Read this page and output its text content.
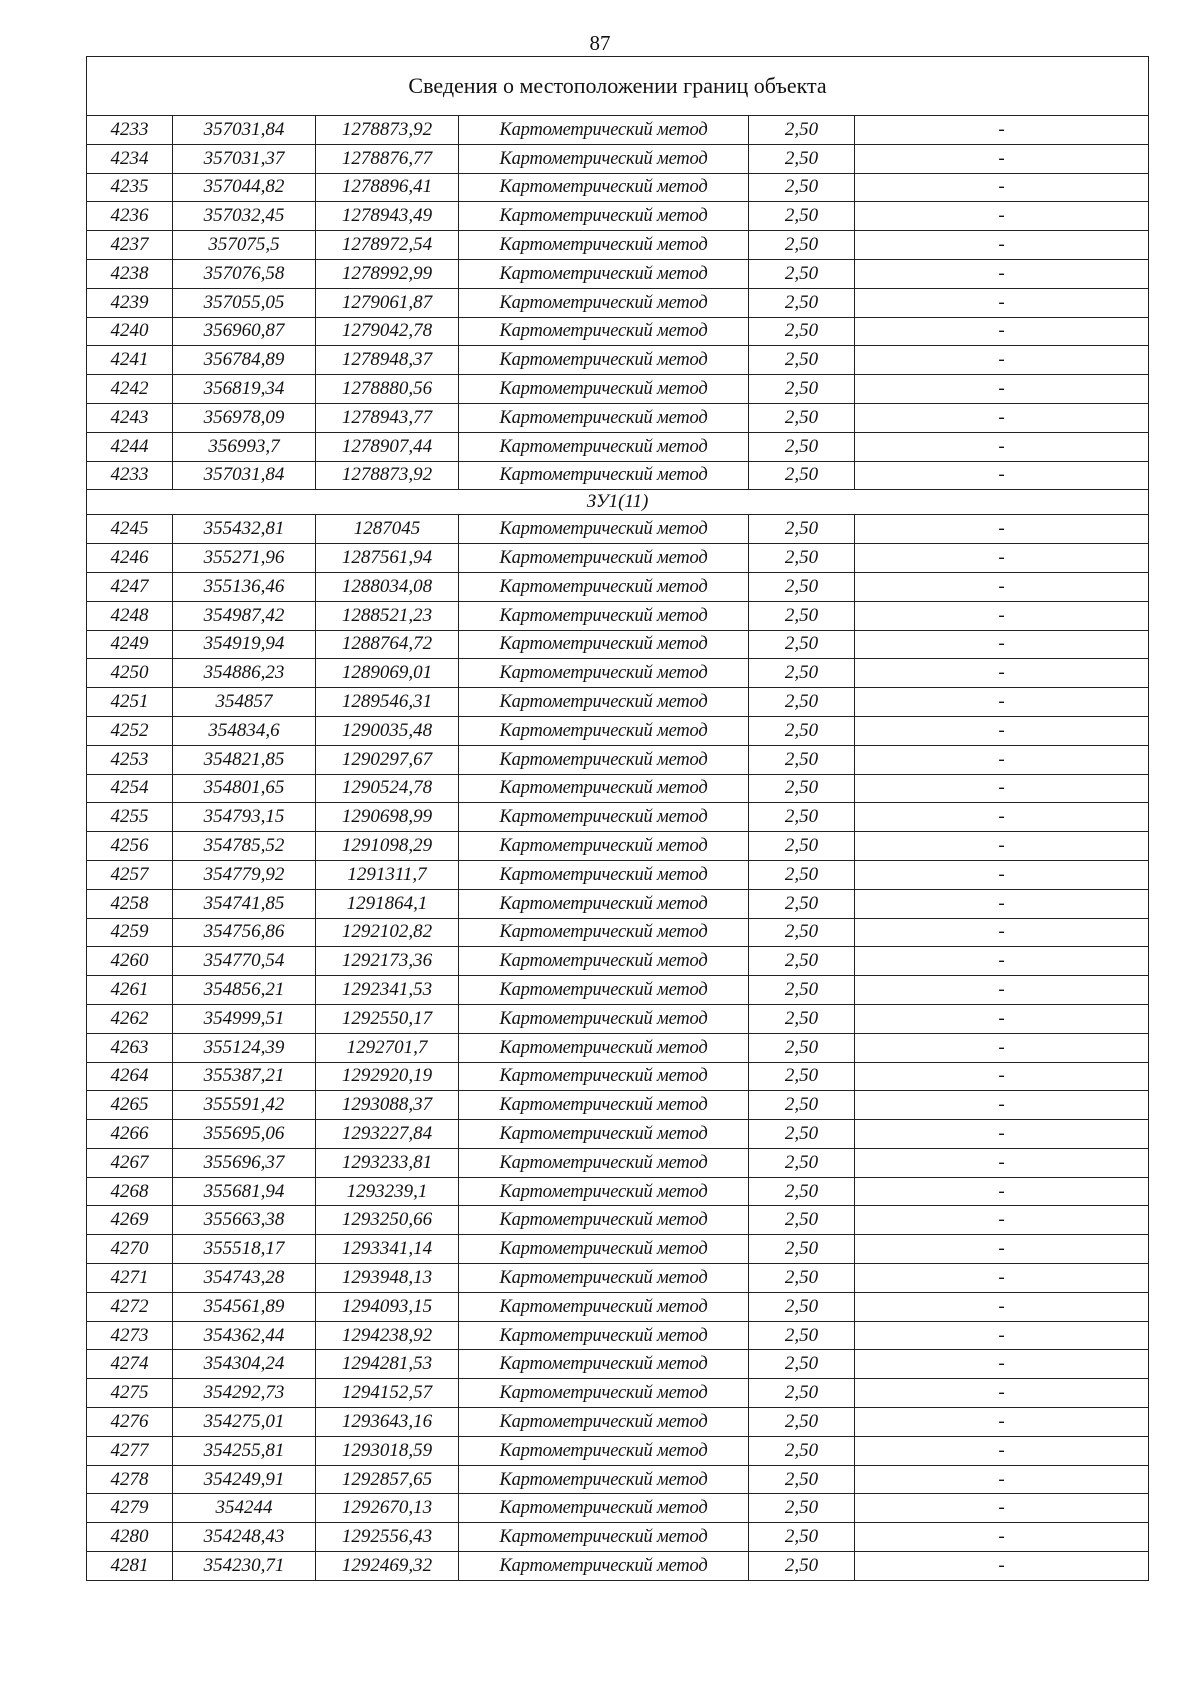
87
Сведения о местоположении границ объекта					
4233	357031,84	1278873,92	Картометрический метод	2,50	-
4234	357031,37	1278876,77	Картометрический метод	2,50	-
4235	357044,82	1278896,41	Картометрический метод	2,50	-
4236	357032,45	1278943,49	Картометрический метод	2,50	-
4237	357075,5	1278972,54	Картометрический метод	2,50	-
4238	357076,58	1278992,99	Картометрический метод	2,50	-
4239	357055,05	1279061,87	Картометрический метод	2,50	-
4240	356960,87	1279042,78	Картометрический метод	2,50	-
4241	356784,89	1278948,37	Картометрический метод	2,50	-
4242	356819,34	1278880,56	Картометрический метод	2,50	-
4243	356978,09	1278943,77	Картометрический метод	2,50	-
4244	356993,7	1278907,44	Картометрический метод	2,50	-
4233	357031,84	1278873,92	Картометрический метод	2,50	-
ЗУ1(11)					
4245	355432,81	1287045	Картометрический метод	2,50	-
4246	355271,96	1287561,94	Картометрический метод	2,50	-
4247	355136,46	1288034,08	Картометрический метод	2,50	-
4248	354987,42	1288521,23	Картометрический метод	2,50	-
4249	354919,94	1288764,72	Картометрический метод	2,50	-
4250	354886,23	1289069,01	Картометрический метод	2,50	-
4251	354857	1289546,31	Картометрический метод	2,50	-
4252	354834,6	1290035,48	Картометрический метод	2,50	-
4253	354821,85	1290297,67	Картометрический метод	2,50	-
4254	354801,65	1290524,78	Картометрический метод	2,50	-
4255	354793,15	1290698,99	Картометрический метод	2,50	-
4256	354785,52	1291098,29	Картометрический метод	2,50	-
4257	354779,92	1291311,7	Картометрический метод	2,50	-
4258	354741,85	1291864,1	Картометрический метод	2,50	-
4259	354756,86	1292102,82	Картометрический метод	2,50	-
4260	354770,54	1292173,36	Картометрический метод	2,50	-
4261	354856,21	1292341,53	Картометрический метод	2,50	-
4262	354999,51	1292550,17	Картометрический метод	2,50	-
4263	355124,39	1292701,7	Картометрический метод	2,50	-
4264	355387,21	1292920,19	Картометрический метод	2,50	-
4265	355591,42	1293088,37	Картометрический метод	2,50	-
4266	355695,06	1293227,84	Картометрический метод	2,50	-
4267	355696,37	1293233,81	Картометрический метод	2,50	-
4268	355681,94	1293239,1	Картометрический метод	2,50	-
4269	355663,38	1293250,66	Картометрический метод	2,50	-
4270	355518,17	1293341,14	Картометрический метод	2,50	-
4271	354743,28	1293948,13	Картометрический метод	2,50	-
4272	354561,89	1294093,15	Картометрический метод	2,50	-
4273	354362,44	1294238,92	Картометрический метод	2,50	-
4274	354304,24	1294281,53	Картометрический метод	2,50	-
4275	354292,73	1294152,57	Картометрический метод	2,50	-
4276	354275,01	1293643,16	Картометрический метод	2,50	-
4277	354255,81	1293018,59	Картометрический метод	2,50	-
4278	354249,91	1292857,65	Картометрический метод	2,50	-
4279	354244	1292670,13	Картометрический метод	2,50	-
4280	354248,43	1292556,43	Картометрический метод	2,50	-
4281	354230,71	1292469,32	Картометрический метод	2,50	-
